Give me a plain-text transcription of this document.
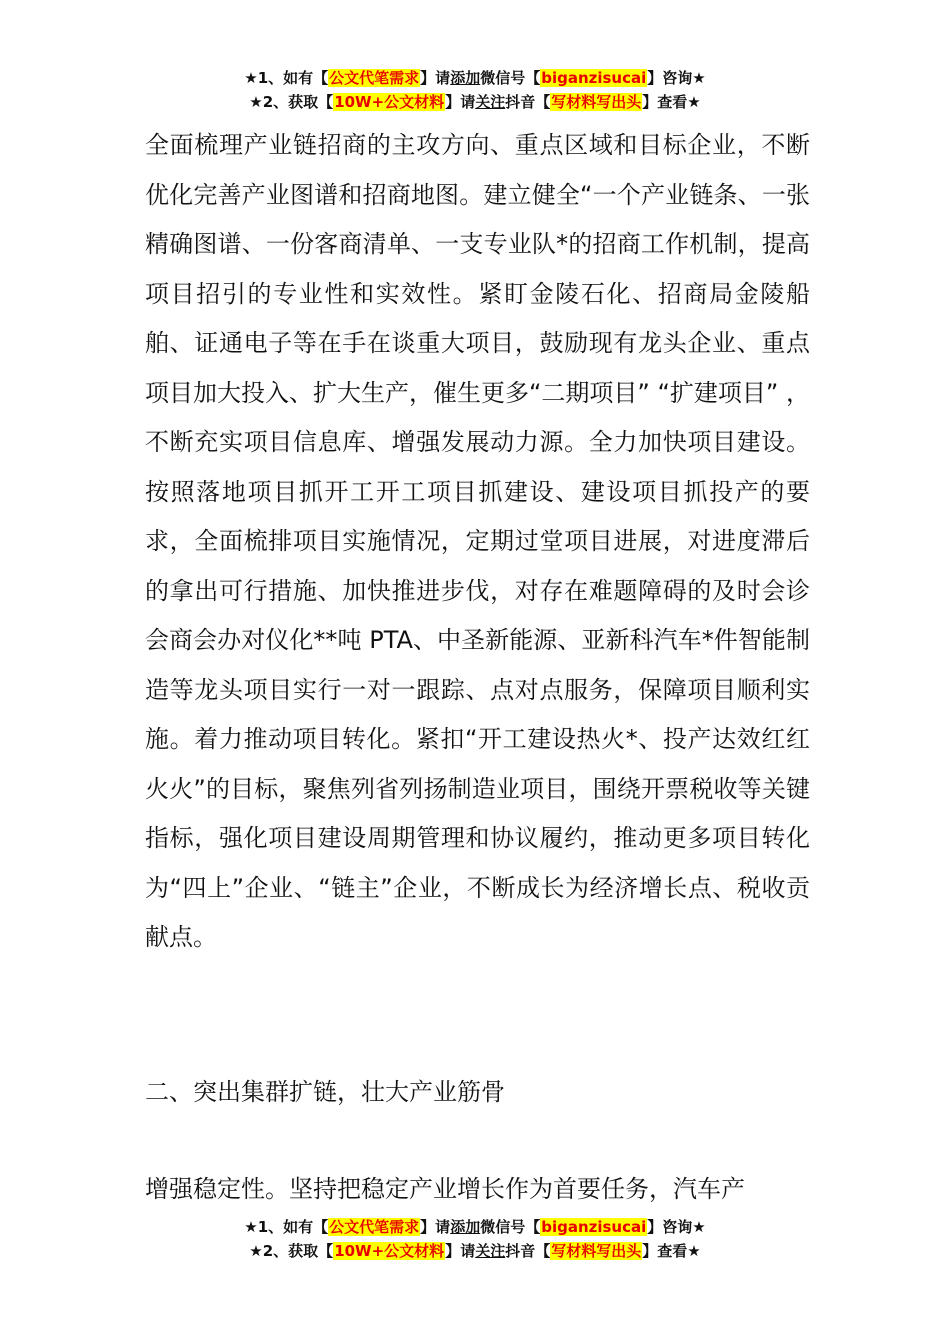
★1、如有【公文代笔需求】请添加微信号【biganzisucai】咨询★
★2、获取【10W+公文材料】请关注抖音【写材料写出头】查看★

全面梳理产业链招商的主攻方向、重点区域和目标企业，不断优化完善产业图谱和招商地图。建立健全“一个产业链条、一张精确图谱、一份客商清单、一支专业队*的招商工作机制，提高项目招引的专业性和实效性。紧盯金陵石化、招商局金陵船舶、证通电子等在手在谈重大项目，鼓励现有龙头企业、重点项目加大投入、扩大生产，催生更多“二期项目” “扩建项目” ，不断充实项目信息库、增强发展动力源。全力加快项目建设。按照落地项目抓开工开工项目抓建设、建设项目抓投产的要求，全面梳排项目实施情况，定期过堂项目进展，对进度滞后的拿出可行措施、加快推进步伐，对存在难题障碍的及时会诊会商会办对仪化**吨 PTA、中圣新能源、亚新科汽车*件智能制造等龙头项目实行一对一跟踪、点对点服务，保障项目顺利实施。着力推动项目转化。紧扣“开工建设热火*、投产达效红红火火”的目标，聚焦列省列扬制造业项目，围绕开票税收等关键指标，强化项目建设周期管理和协议履约，推动更多项目转化为“四上”企业、“链主”企业，不断成长为经济增长点、税收贡献点。

二、突出集群扩链，壮大产业筋骨

增强稳定性。坚持把稳定产业增长作为首要任务，汽车产

★1、如有【公文代笔需求】请添加微信号【biganzisucai】咨询★
★2、获取【10W+公文材料】请关注抖音【写材料写出头】查看★
